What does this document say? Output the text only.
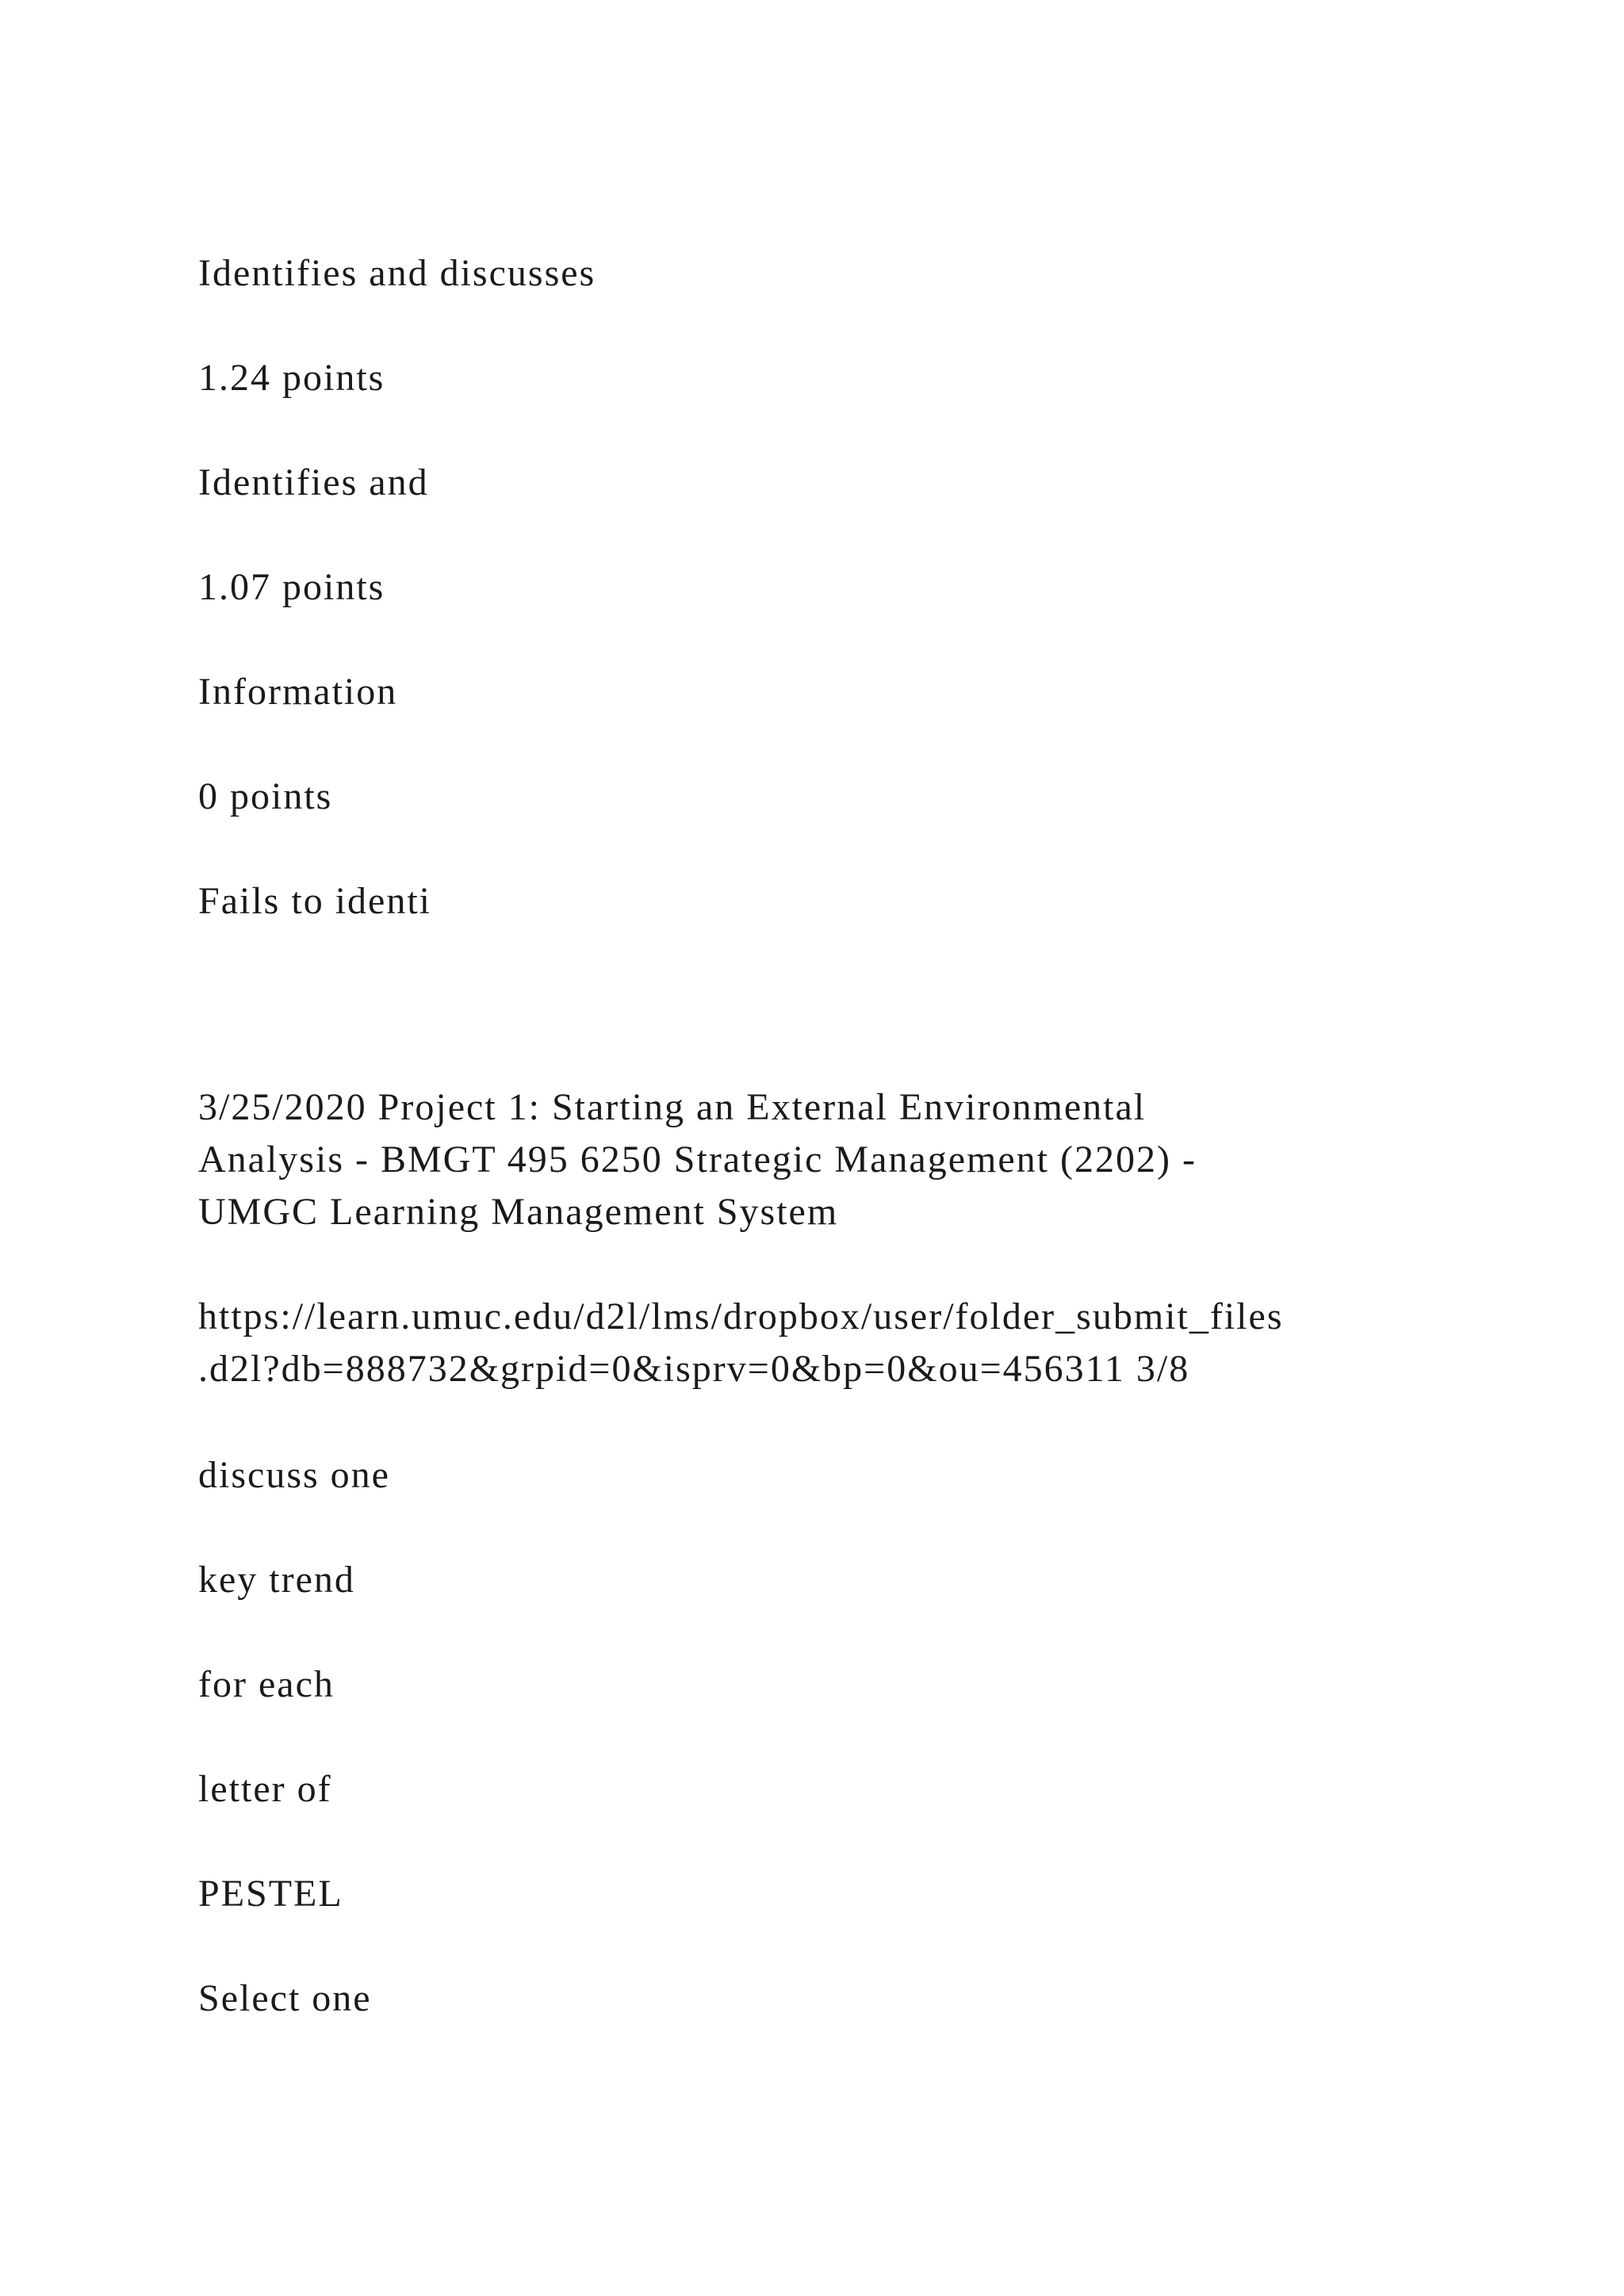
Identifies and discusses

1.24 points

Identifies and

1.07 points

Information

0 points

Fails to identi

3/25/2020 Project 1: Starting an External Environmental
Analysis - BMGT 495 6250 Strategic Management (2202) -
UMGC Learning Management System
https://learn.umuc.edu/d2l/lms/dropbox/user/folder_submit_files
.d2l?db=888732&grpid=0&isprv=0&bp=0&ou=456311 3/8

discuss one

key trend

for each

letter of

PESTEL

Select one
